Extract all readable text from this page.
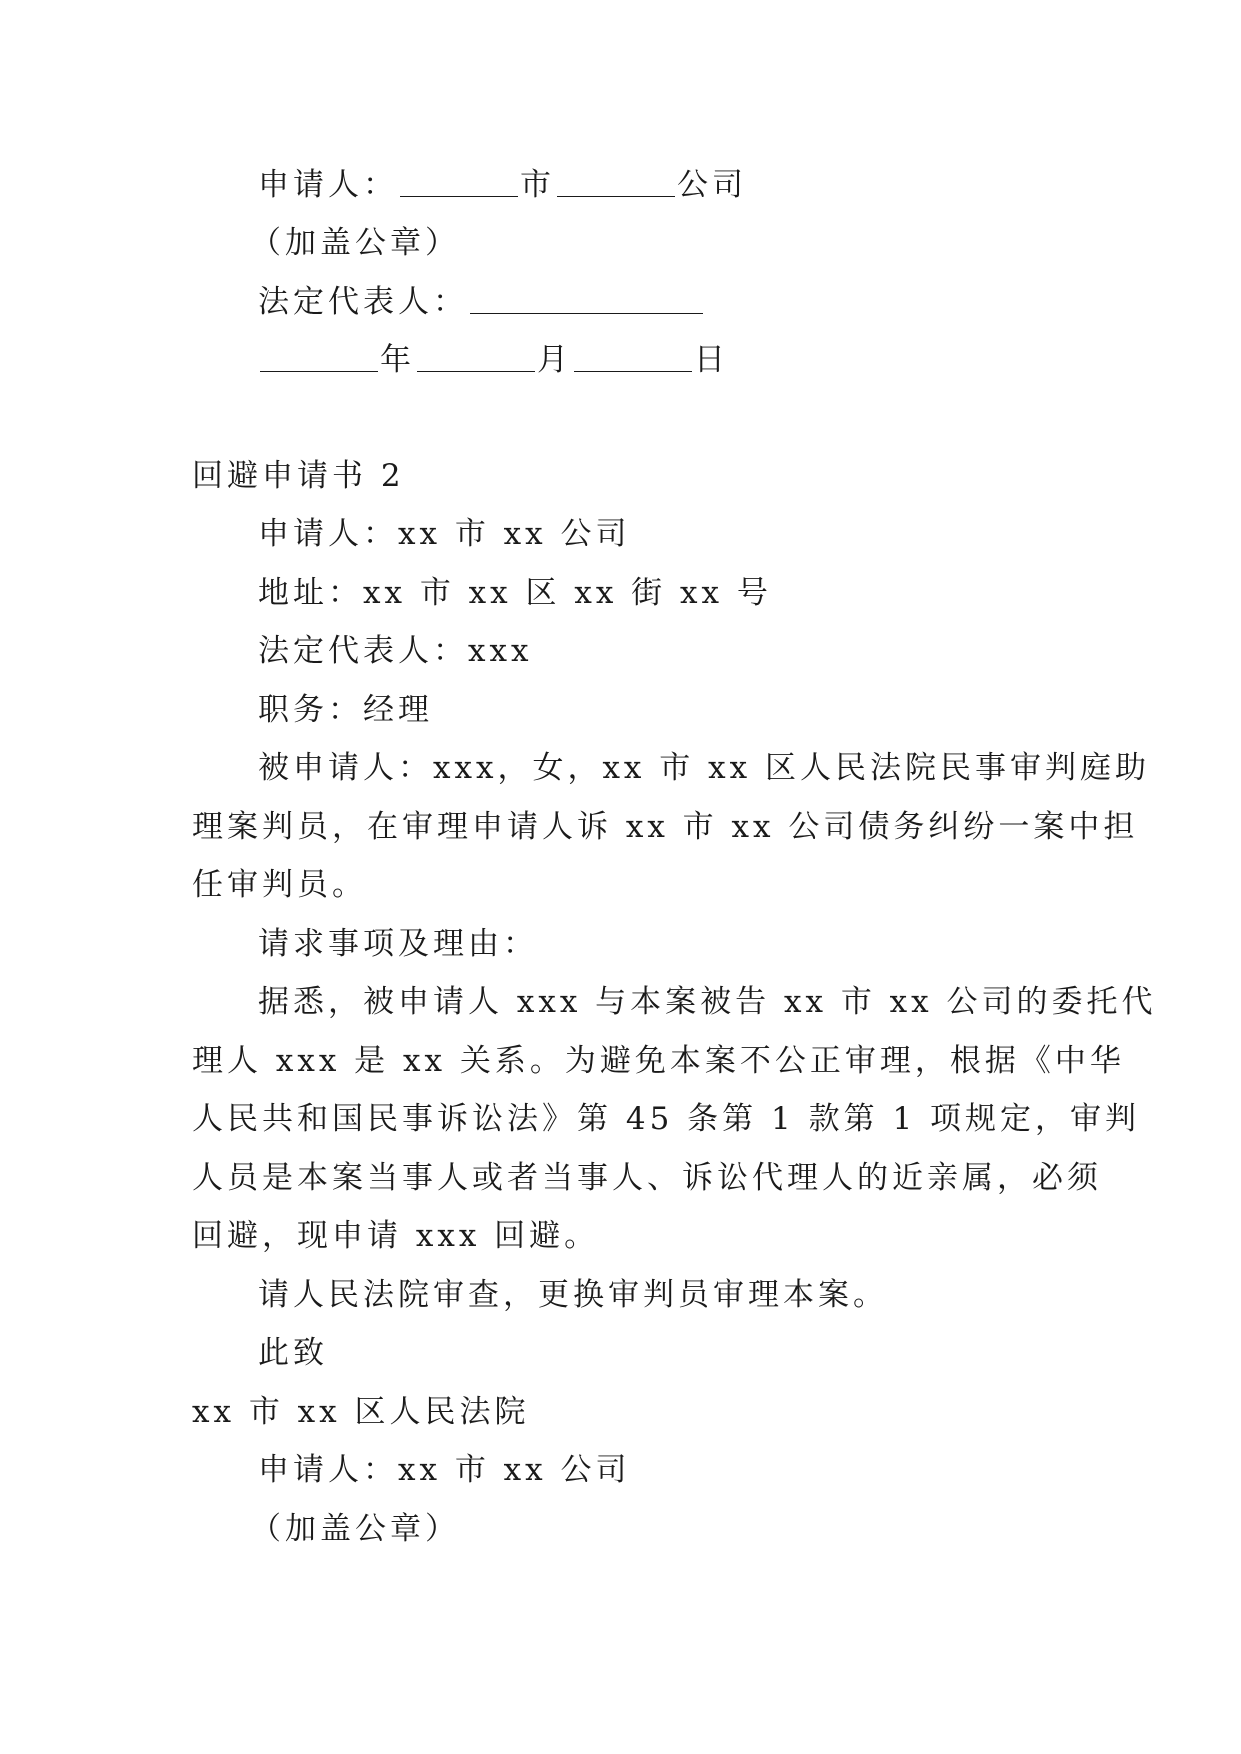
申请人：	市	公司
（加盖公章）
法定代表人：
年	月	日
回避申请书 2
申请人：xx 市 xx 公司
地址：xx 市 xx 区 xx 街 xx 号
法定代表人：xxx
职务：经理
被申请人：xxx，女，xx 市 xx 区人民法院民事审判庭助
理案判员，在审理申请人诉 xx 市 xx 公司债务纠纷一案中担
任审判员。
请求事项及理由：
据悉，被申请人 xxx 与本案被告 xx 市 xx 公司的委托代
理人 xxx 是 xx 关系。为避免本案不公正审理，根据《中华
人民共和国民事诉讼法》第 45 条第 1 款第 1 项规定，审判
人员是本案当事人或者当事人、诉讼代理人的近亲属，必须
回避，现申请 xxx 回避。
请人民法院审查，更换审判员审理本案。
此致
xx 市 xx 区人民法院
申请人：xx 市 xx 公司
（加盖公章）
